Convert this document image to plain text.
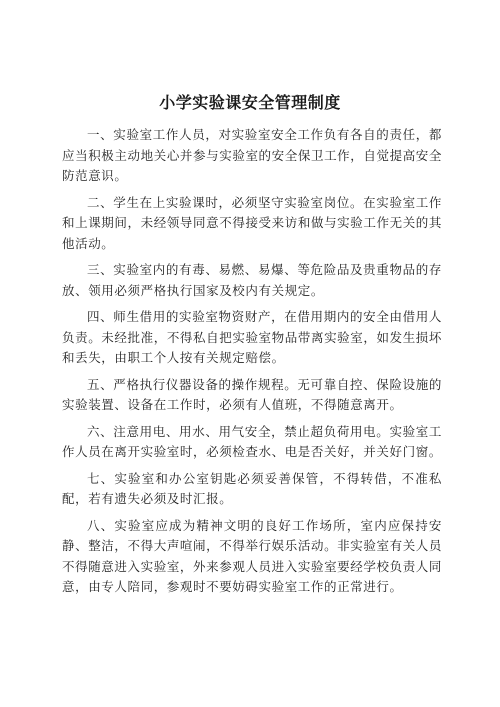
小学实验课安全管理制度

一、实验室工作人员，对实验室安全工作负有各自的责任，都应当积极主动地关心并参与实验室的安全保卫工作，自觉提高安全防范意识。

二、学生在上实验课时，必须坚守实验室岗位。在实验室工作和上课期间，未经领导同意不得接受来访和做与实验工作无关的其他活动。

三、实验室内的有毒、易燃、易爆、等危险品及贵重物品的存放、领用必须严格执行国家及校内有关规定。

四、师生借用的实验室物资财产，在借用期内的安全由借用人负责。未经批准，不得私自把实验室物品带离实验室，如发生损坏和丢失，由职工个人按有关规定赔偿。

五、严格执行仪器设备的操作规程。无可靠自控、保险设施的实验装置、设备在工作时，必须有人值班，不得随意离开。

六、注意用电、用水、用气安全，禁止超负荷用电。实验室工作人员在离开实验室时，必须检查水、电是否关好，并关好门窗。

七、实验室和办公室钥匙必须妥善保管，不得转借，不准私配，若有遗失必须及时汇报。

八、实验室应成为精神文明的良好工作场所，室内应保持安静、整洁，不得大声喧闹，不得举行娱乐活动。非实验室有关人员不得随意进入实验室，外来参观人员进入实验室要经学校负责人同意，由专人陪同，参观时不要妨碍实验室工作的正常进行。
